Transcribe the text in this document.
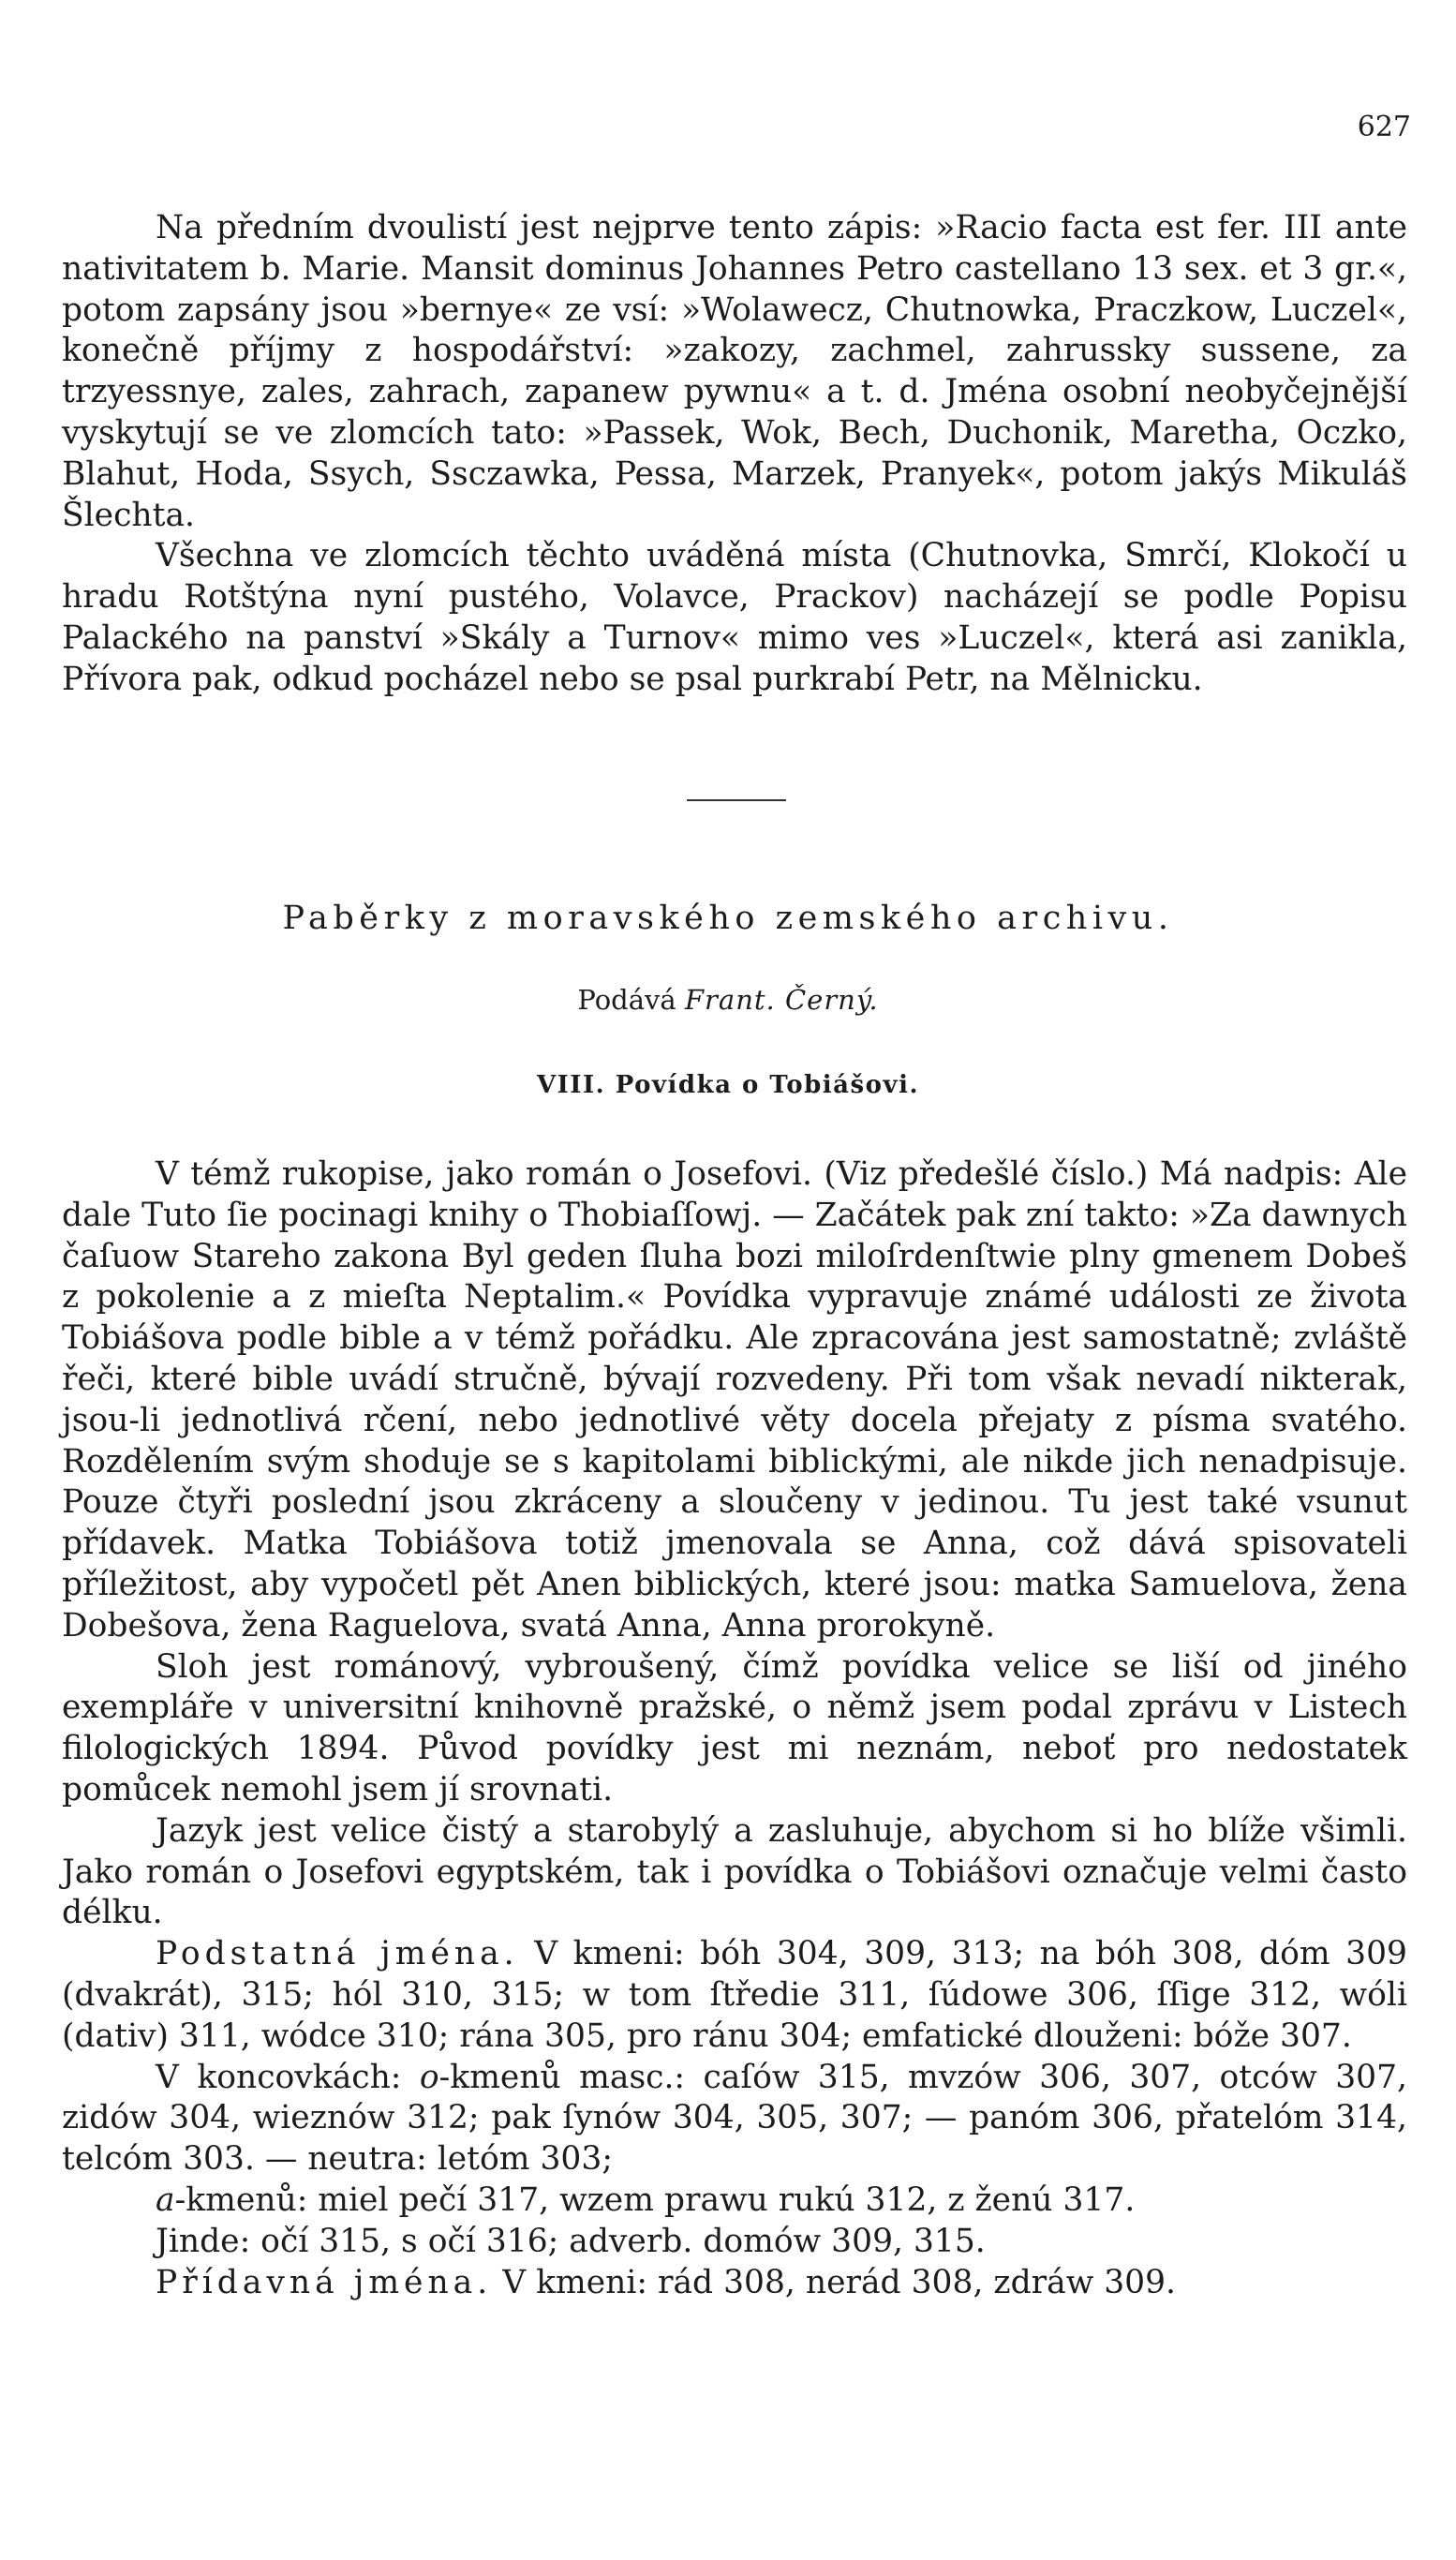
627

Na předním dvoulistí jest nejprve tento zápis: »Racio facta est fer. III ante nativitatem b. Marie. Mansit dominus Johannes Petro castellano 13 sex. et 3 gr.«, potom zapsány jsou »bernye« ze vsí: »Wolawecz, Chutnowka, Praczkow, Luczel«, konečně příjmy z hospodářství: »zakozy, zachmel, zahrussky sussene, za trzyessnye, zales, zahrach, zapanew pywnu« a t. d. Jména osobní neobyčejnější vyskytují se ve zlomcích tato: »Passek, Wok, Bech, Duchonik, Maretha, Oczko, Blahut, Hoda, Ssych, Ssczawka, Pessa, Marzek, Pranyek«, potom jakýs Mikuláš Šlechta.

Všechna ve zlomcích těchto uváděná místa (Chutnovka, Smrčí, Klokočí u hradu Rotštýna nyní pustého, Volavce, Prackov) nacházejí se podle Popisu Palackého na panství »Skály a Turnov« mimo ves »Luczel«, která asi zanikla, Přívora pak, odkud pocházel nebo se psal purkrabí Petr, na Mělnicku.

Paběrky z moravského zemského archivu.
Podává Frant. Černý.
VIII. Povídka o Tobiášovi.

V témž rukopise, jako román o Josefovi. (Viz předešlé číslo.) Má nadpis: Ale dale Tuto ſie pocinagi knihy o Thobiaſſowj. — Začátek pak zní takto: »Za dawnych čaſuow Stareho zakona Byl geden ſluha bozi miloſrdenſtwie plny gmenem Dobeš z pokolenie a z mieſta Neptalim.« Povídka vypravuje známé události ze života Tobiášova podle bible a v témž pořádku. Ale zpracována jest samostatně; zvláště řeči, které bible uvádí stručně, bývají rozvedeny. Při tom však nevadí nikterak, jsou-li jednotlivá rčení, nebo jednotlivé věty docela přejaty z písma svatého. Rozdělením svým shoduje se s kapitolami biblickými, ale nikde jich nenadpisuje. Pouze čtyři poslední jsou zkráceny a sloučeny v jedinou. Tu jest také vsunut přídavek. Matka Tobiášova totiž jmenovala se Anna, což dává spisovateli příležitost, aby vypočetl pět Anen biblických, které jsou: matka Samuelova, žena Dobešova, žena Raguelova, svatá Anna, Anna prorokyně.

Sloh jest románový, vybroušený, čímž povídka velice se liší od jiného exempláře v universitní knihovně pražské, o němž jsem podal zprávu v Listech filologických 1894. Původ povídky jest mi neznám, neboť pro nedostatek pomůcek nemohl jsem jí srovnati.

Jazyk jest velice čistý a starobylý a zasluhuje, abychom si ho blíže všimli. Jako román o Josefovi egyptském, tak i povídka o Tobiášovi označuje velmi často délku.

Podstatná jména. V kmeni: bóh 304, 309, 313; na bóh 308, dóm 309 (dvakrát), 315; hól 310, 315; w tom ſtředie 311, ſúdowe 306, ſſige 312, wóli (dativ) 311, wódce 310; rána 305, pro ránu 304; emfatické dlouženi: bóže 307.

V koncovkách: o-kmenů masc.: caſów 315, mvzów 306, 307, otców 307, zidów 304, wieznów 312; pak ſynów 304, 305, 307; — panóm 306, přatelóm 314, telcóm 303. — neutra: letóm 303;

a-kmenů: miel pečí 317, wzem prawu rukú 312, z ženú 317.

Jinde: očí 315, s očí 316; adverb. domów 309, 315.

Přídavná jména. V kmeni: rád 308, nerád 308, zdráw 309.
